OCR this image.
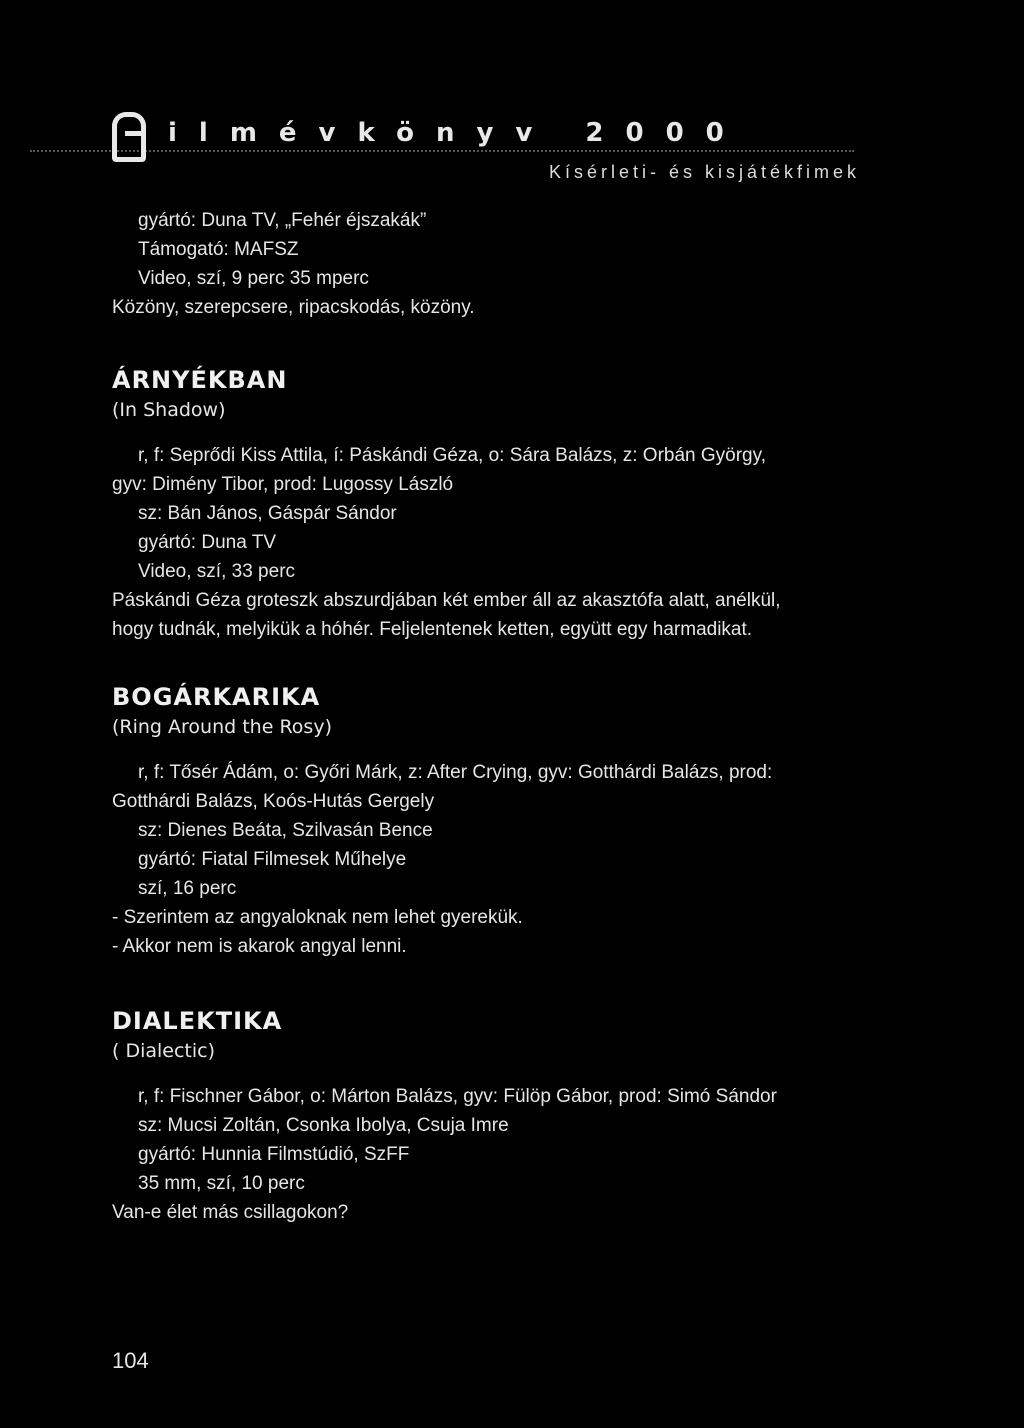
ilmévkönyv 2000
Kísérleti- és kisjátékfimek
gyártó: Duna TV, „Fehér éjszakák”
Támogató: MAFSZ
Video, szí, 9 perc 35 mperc
Közöny, szerepcsere, ripacskodás, közöny.
ÁRNYÉKBAN
(In Shadow)
r, f: Seprődi Kiss Attila, í: Páskándi Géza, o: Sára Balázs, z: Orbán György,
gyv: Dimény Tibor, prod: Lugossy László
sz: Bán János, Gáspár Sándor
gyártó: Duna TV
Video, szí, 33 perc
Páskándi Géza groteszk abszurdjában két ember áll az akasztófa alatt, anélkül,
hogy tudnák, melyikük a hóhér. Feljelentenek ketten, együtt egy harmadikat.
BOGÁRKARIKA
(Ring Around the Rosy)
r, f: Tősér Ádám, o: Győri Márk, z: After Crying, gyv: Gotthárdi Balázs, prod:
Gotthárdi Balázs, Koós-Hutás Gergely
sz: Dienes Beáta, Szilvasán Bence
gyártó: Fiatal Filmesek Műhelye
szí, 16 perc
- Szerintem az angyaloknak nem lehet gyerekük.
- Akkor nem is akarok angyal lenni.
DIALEKTIKA
( Dialectic)
r, f: Fischner Gábor, o: Márton Balázs, gyv: Fülöp Gábor, prod: Simó Sándor
sz: Mucsi Zoltán, Csonka Ibolya, Csuja Imre
gyártó: Hunnia Filmstúdió, SzFF
35 mm, szí, 10 perc
Van-e élet más csillagokon?
104
